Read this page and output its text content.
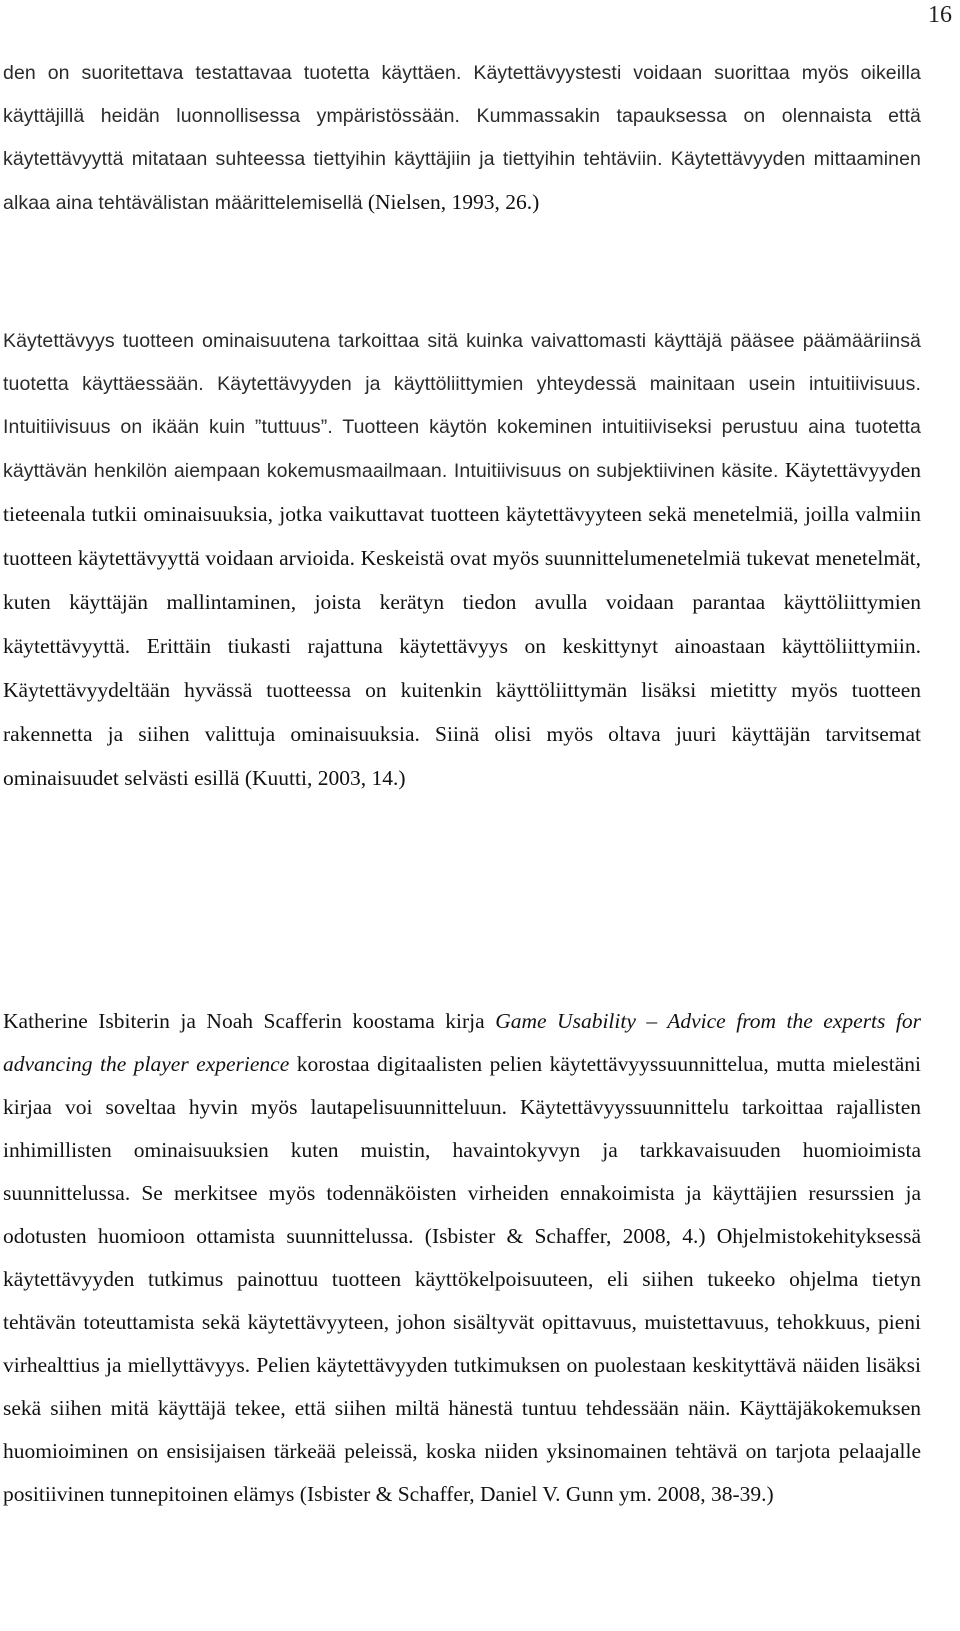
16

den on suoritettava testattavaa tuotetta käyttäen. Käytettävyystesti voidaan suorittaa myös oikeilla käyttäjillä heidän luonnollisessa ympäristössään. Kummassakin tapauksessa on olennaista että käytettävyyttä mitataan suhteessa tiettyihin käyttäjiin ja tiettyihin tehtäviin. Käytettävyyden mittaaminen alkaa aina tehtävälistan määrittelemisellä (Nielsen, 1993, 26.)

Käytettävyys tuotteen ominaisuutena tarkoittaa sitä kuinka vaivattomasti käyttäjä pääsee päämääriinsä tuotetta käyttäessään. Käytettävyyden ja käyttöliittymien yhteydessä mainitaan usein intuitiivisuus. Intuitiivisuus on ikään kuin ”tuttuus”. Tuotteen käytön kokeminen intuitiiviseksi perustuu aina tuotetta käyttävän henkilön aiempaan kokemusmaailmaan. Intuitiivisuus on subjektiivinen käsite. Käytettävyyden tieteenala tutkii ominaisuuksia, jotka vaikuttavat tuotteen käytettävyyteen sekä menetelmiä, joilla valmiin tuotteen käytettävyyttä voidaan arvioida. Keskeistä ovat myös suunnittelumenetelmiä tukevat menetelmät, kuten käyttäjän mallintaminen, joista kerätyn tiedon avulla voidaan parantaa käyttöliittymien käytettävyyttä. Erittäin tiukasti rajattuna käytettävyys on keskittynyt ainoastaan käyttöliittymiin. Käytettävyydeltään hyvässä tuotteessa on kuitenkin käyttöliittymän lisäksi mietitty myös tuotteen rakennetta ja siihen valittuja ominaisuuksia. Siinä olisi myös oltava juuri käyttäjän tarvitsemat ominaisuudet selvästi esillä (Kuutti, 2003, 14.)

Katherine Isbiterin ja Noah Scafferin koostama kirja Game Usability – Advice from the experts for advancing the player experience korostaa digitaalisten pelien käytettävyyssuunnittelua, mutta mielestäni kirjaa voi soveltaa hyvin myös lautapelisuunnitteluun. Käytettävyyssuunnittelu tarkoittaa rajallisten inhimillisten ominaisuuksien kuten muistin, havaintokyvyn ja tarkkavaisuuden huomioimista suunnittelussa. Se merkitsee myös todennäköisten virheiden ennakoimista ja käyttäjien resurssien ja odotusten huomioon ottamista suunnittelussa. (Isbister & Schaffer, 2008, 4.) Ohjelmistokehityksessä käytettävyyden tutkimus painottuu tuotteen käyttökelpoisuuteen, eli siihen tukeeko ohjelma tietyn tehtävän toteuttamista sekä käytettävyyteen, johon sisältyvät opittavuus, muistettavuus, tehokkuus, pieni virhealttius ja miellyttävyys. Pelien käytettävyyden tutkimuksen on puolestaan keskityttävä näiden lisäksi sekä siihen mitä käyttäjä tekee, että siihen miltä hänestä tuntuu tehdessään näin. Käyttäjäkokemuksen huomioiminen on ensisijaisen tärkeää peleissä, koska niiden yksinomainen tehtävä on tarjota pelaajalle positiivinen tunnepitoinen elämys (Isbister & Schaffer, Daniel V. Gunn ym. 2008, 38-39.)
